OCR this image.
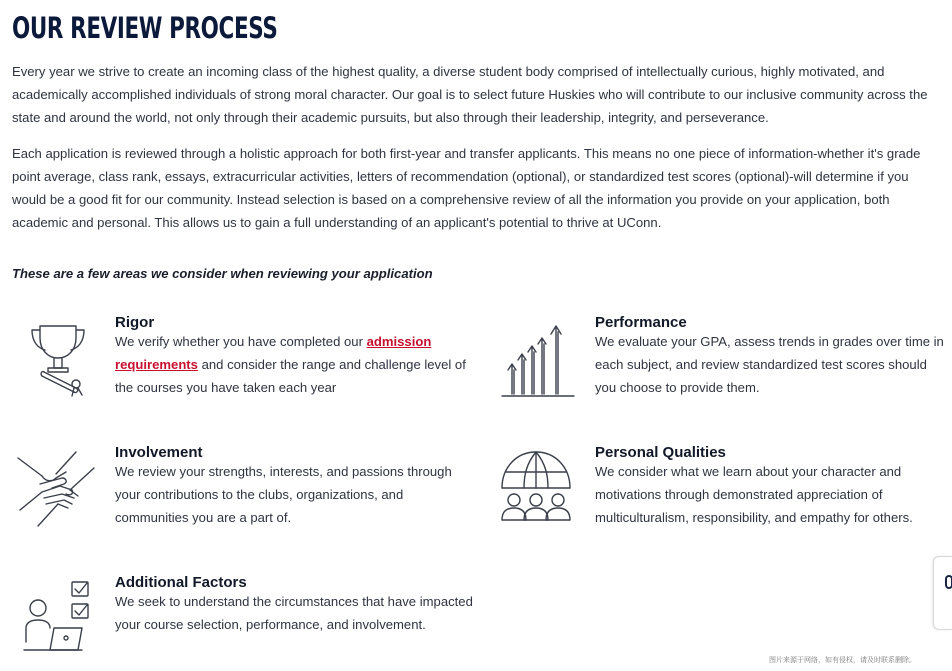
OUR REVIEW PROCESS

Every year we strive to create an incoming class of the highest quality, a diverse student body comprised of intellectually curious, highly motivated, and academically accomplished individuals of strong moral character. Our goal is to select future Huskies who will contribute to our inclusive community across the state and around the world, not only through their academic pursuits, but also through their leadership, integrity, and perseverance.

Each application is reviewed through a holistic approach for both first-year and transfer applicants. This means no one piece of information-whether it's grade point average, class rank, essays, extracurricular activities, letters of recommendation (optional), or standardized test scores (optional)-will determine if you would be a good fit for our community. Instead selection is based on a comprehensive review of all the information you provide on your application, both academic and personal. This allows us to gain a full understanding of an applicant's potential to thrive at UConn.

These are a few areas we consider when reviewing your application
Rigor

We verify whether you have completed our admission requirements and consider the range and challenge level of the courses you have taken each year

Performance

We evaluate your GPA, assess trends in grades over time in each subject, and review standardized test scores should you choose to provide them.

Involvement

We review your strengths, interests, and passions through your contributions to the clubs, organizations, and communities you are a part of.

Personal Qualities

We consider what we learn about your character and motivations through demonstrated appreciation of multiculturalism, responsibility, and empathy for others.

Additional Factors

We seek to understand the circumstances that have impacted your course selection, performance, and involvement.

图片来源于网络，如有侵权，请及时联系删除。
